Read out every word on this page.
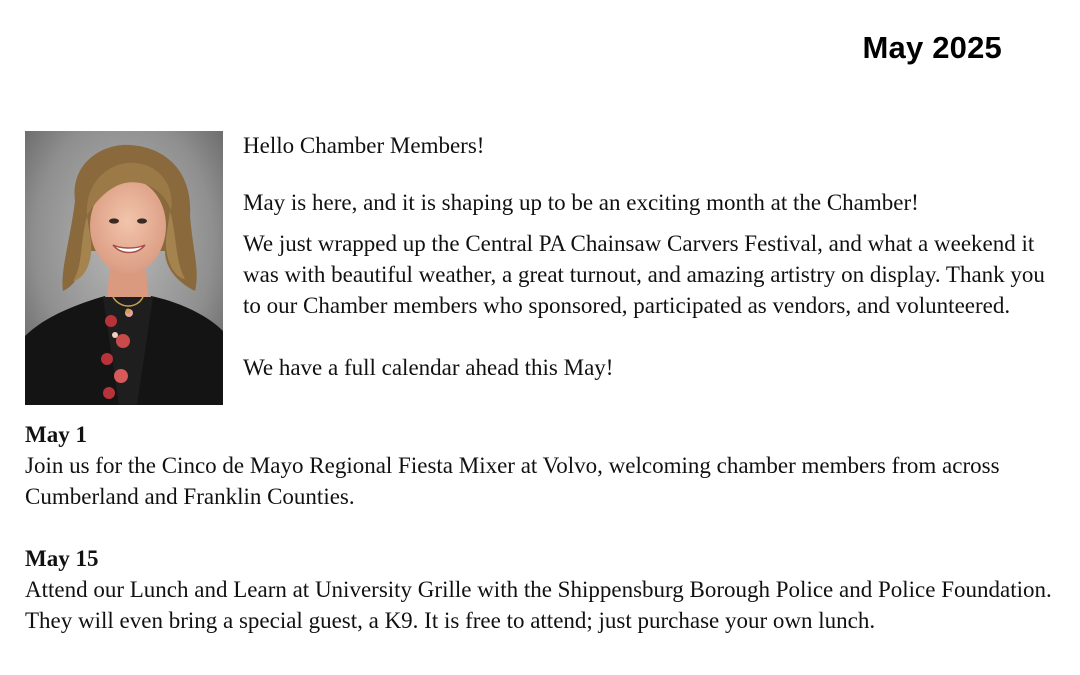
May 2025

Hello Chamber Members!

May is here, and it is shaping up to be an exciting month at the Chamber!

We just wrapped up the Central PA Chainsaw Carvers Festival, and what a weekend it was with beautiful weather, a great turnout, and amazing artistry on display. Thank you to our Chamber members who sponsored, participated as vendors, and volunteered.

We have a full calendar ahead this May!

May 1
Join us for the Cinco de Mayo Regional Fiesta Mixer at Volvo, welcoming chamber members from across Cumberland and Franklin Counties.
May 15
Attend our Lunch and Learn at University Grille with the Shippensburg Borough Police and Police Foundation. They will even bring a special guest, a K9. It is free to attend; just purchase your own lunch.
